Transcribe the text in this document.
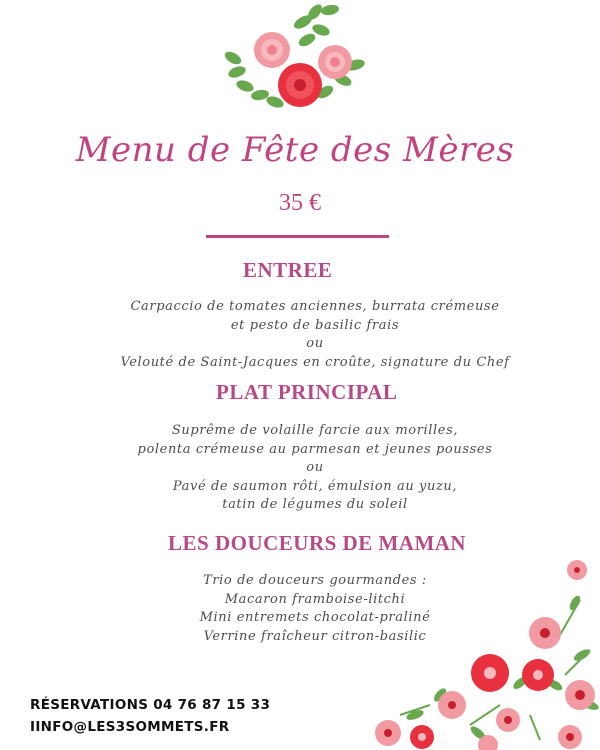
Menu de Fête des Mères
35 €
ENTREE
Carpaccio de tomates anciennes, burrata crémeuse
et pesto de basilic frais
ou
Velouté de Saint-Jacques en croûte, signature du Chef
PLAT PRINCIPAL
Suprême de volaille farcie aux morilles,
polenta crémeuse au parmesan et jeunes pousses
ou
Pavé de saumon rôti, émulsion au yuzu,
tatin de légumes du soleil
LES DOUCEURS DE MAMAN
Trio de douceurs gourmandes :
Macaron framboise-litchi
Mini entremets chocolat-praliné
Verrine fraîcheur citron-basilic
RÉSERVATIONS 04 76 87 15 33
IINFO@LES3SOMMETS.FR
